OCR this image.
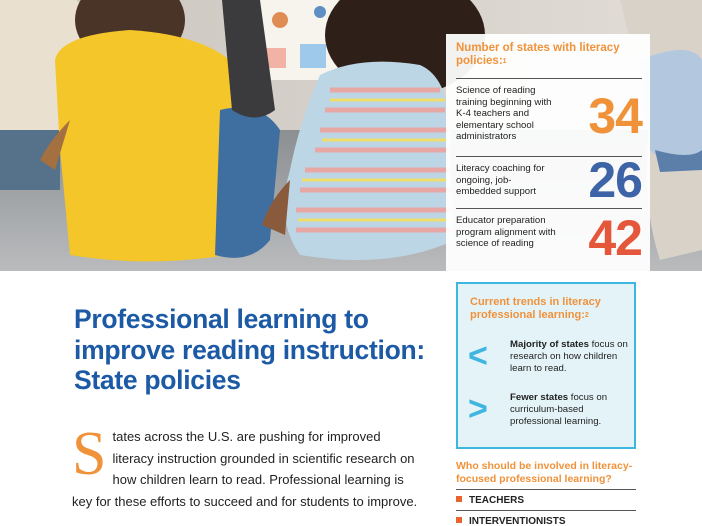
Number of states with literacy policies:$^1$
Science of reading training beginning with K-4 teachers and elementary school administrators	34
Literacy coaching for ongoing, job-embedded support	26
Educator preparation program alignment with science of reading	42
Professional learning to improve reading instruction: State policies
States across the U.S. are pushing for improved literacy instruction grounded in scientific research on how children learn to read. Professional learning is key for these efforts to succeed and for students to improve.
Current trends in literacy professional learning:$^2$
< Majority of states focus on research on how children learn to read.
> Fewer states focus on curriculum-based professional learning.
Who should be involved in literacy-focused professional learning?
TEACHERS
INTERVENTIONISTS
